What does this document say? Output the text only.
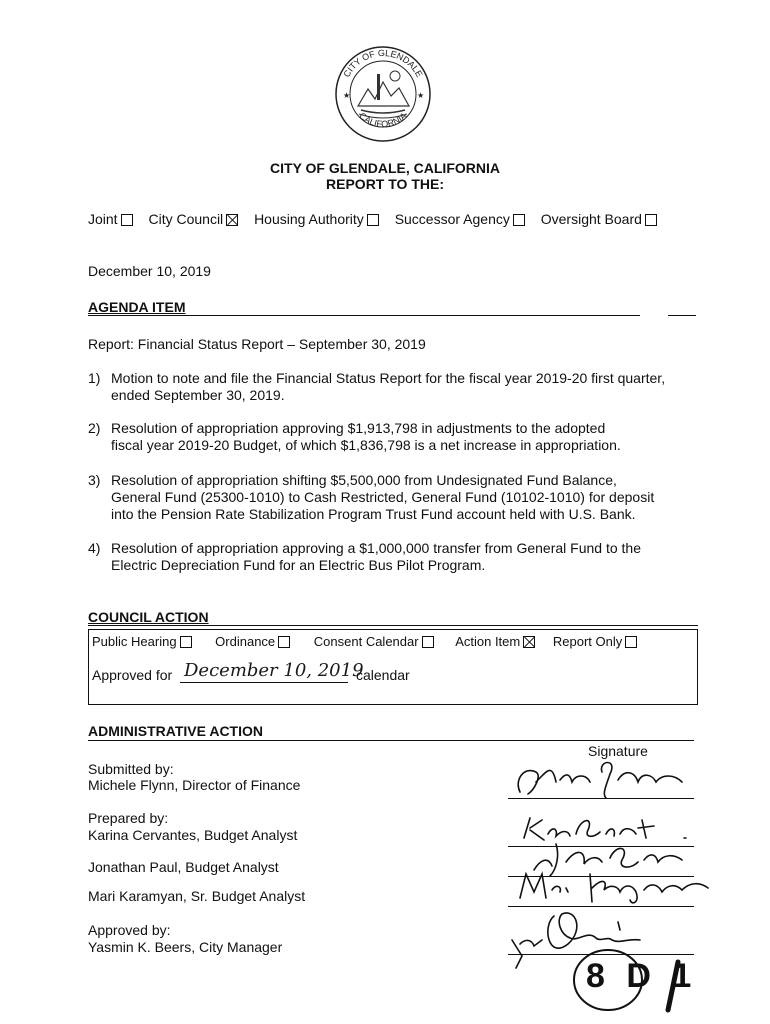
CITY OF GLENDALE
CALIFORNIA
★	★
CITY OF GLENDALE, CALIFORNIA
REPORT TO THE:
Joint City Council Housing Authority Successor Agency Oversight Board
December 10, 2019
AGENDA ITEM
Report: Financial Status Report – September 30, 2019
1) Motion to note and file the Financial Status Report for the fiscal year 2019-20 first quarter,
ended September 30, 2019.
2) Resolution of appropriation approving $1,913,798 in adjustments to the adopted
fiscal year 2019-20 Budget, of which $1,836,798 is a net increase in appropriation.
3) Resolution of appropriation shifting $5,500,000 from Undesignated Fund Balance,
General Fund (25300-1010) to Cash Restricted, General Fund (10102-1010) for deposit
into the Pension Rate Stabilization Program Trust Fund account held with U.S. Bank.
4) Resolution of appropriation approving a $1,000,000 transfer from General Fund to the
Electric Depreciation Fund for an Electric Bus Pilot Program.
COUNCIL ACTION
Public Hearing	Ordinance	Consent Calendar	Action Item	Report Only
Approved for December 10, 2019
calendar
ADMINISTRATIVE ACTION
Signature
Submitted by:
Michele Flynn, Director of Finance
Prepared by:
Karina Cervantes, Budget Analyst
Jonathan Paul, Budget Analyst
Mari Karamyan, Sr. Budget Analyst
Approved by:
Yasmin K. Beers, City Manager
8 D 1
